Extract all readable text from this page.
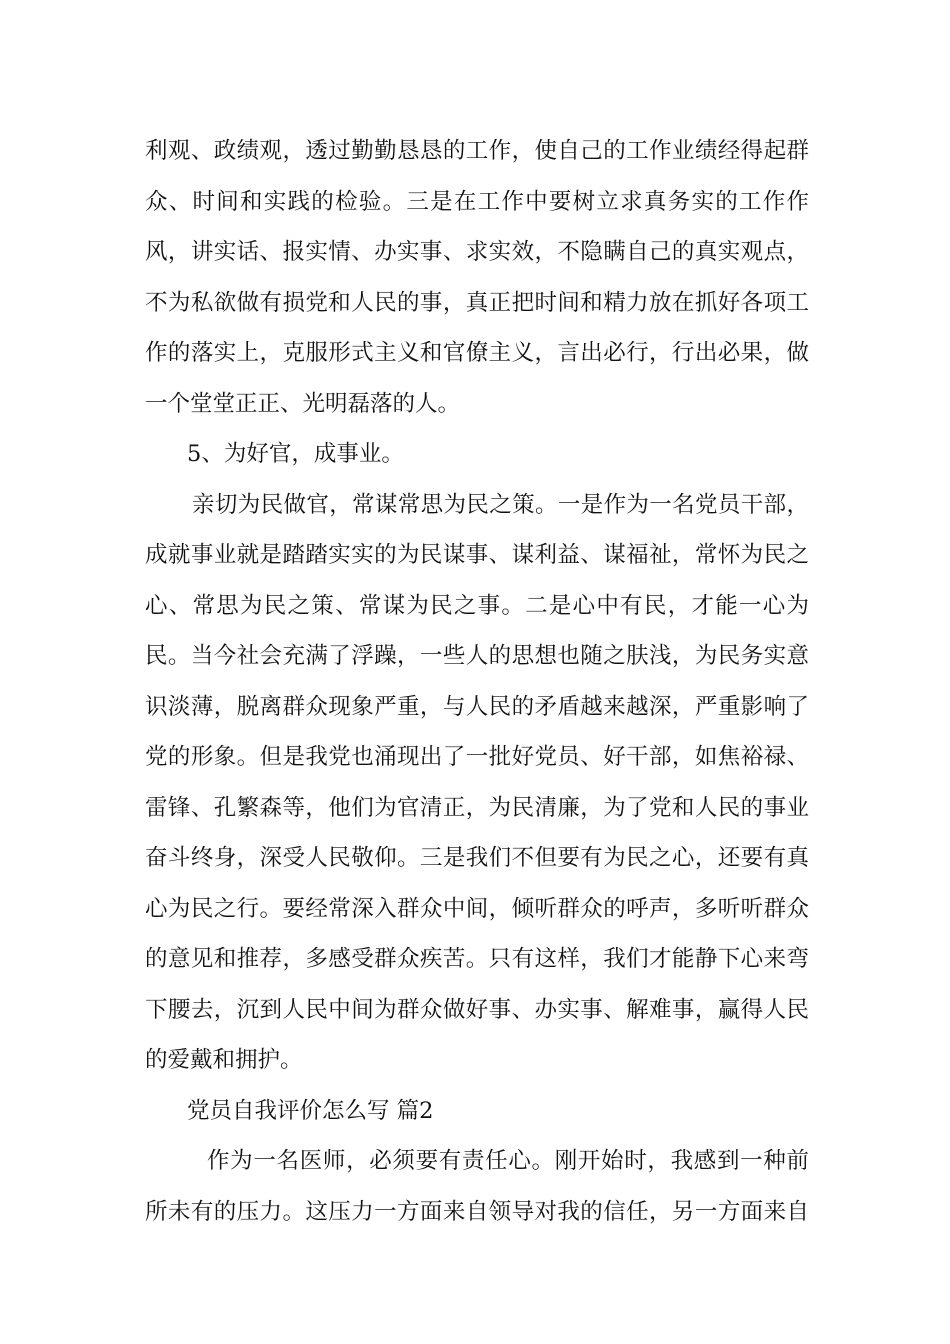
利观、政绩观，透过勤勤恳恳的工作，使自己的工作业绩经得起群
众、时间和实践的检验。三是在工作中要树立求真务实的工作作
风，讲实话、报实情、办实事、求实效，不隐瞒自己的真实观点，
不为私欲做有损党和人民的事，真正把时间和精力放在抓好各项工
作的落实上，克服形式主义和官僚主义，言出必行，行出必果，做
一个堂堂正正、光明磊落的人。
5、为好官，成事业。
亲切为民做官，常谋常思为民之策。一是作为一名党员干部，
成就事业就是踏踏实实的为民谋事、谋利益、谋福祉，常怀为民之
心、常思为民之策、常谋为民之事。二是心中有民，才能一心为
民。当今社会充满了浮躁，一些人的思想也随之肤浅，为民务实意
识淡薄，脱离群众现象严重，与人民的矛盾越来越深，严重影响了
党的形象。但是我党也涌现出了一批好党员、好干部，如焦裕禄、
雷锋、孔繁森等，他们为官清正，为民清廉，为了党和人民的事业
奋斗终身，深受人民敬仰。三是我们不但要有为民之心，还要有真
心为民之行。要经常深入群众中间，倾听群众的呼声，多听听群众
的意见和推荐，多感受群众疾苦。只有这样，我们才能静下心来弯
下腰去，沉到人民中间为群众做好事、办实事、解难事，赢得人民
的爱戴和拥护。
党员自我评价怎么写 篇2
作为一名医师，必须要有责任心。刚开始时，我感到一种前
所未有的压力。这压力一方面来自领导对我的信任，另一方面来自
